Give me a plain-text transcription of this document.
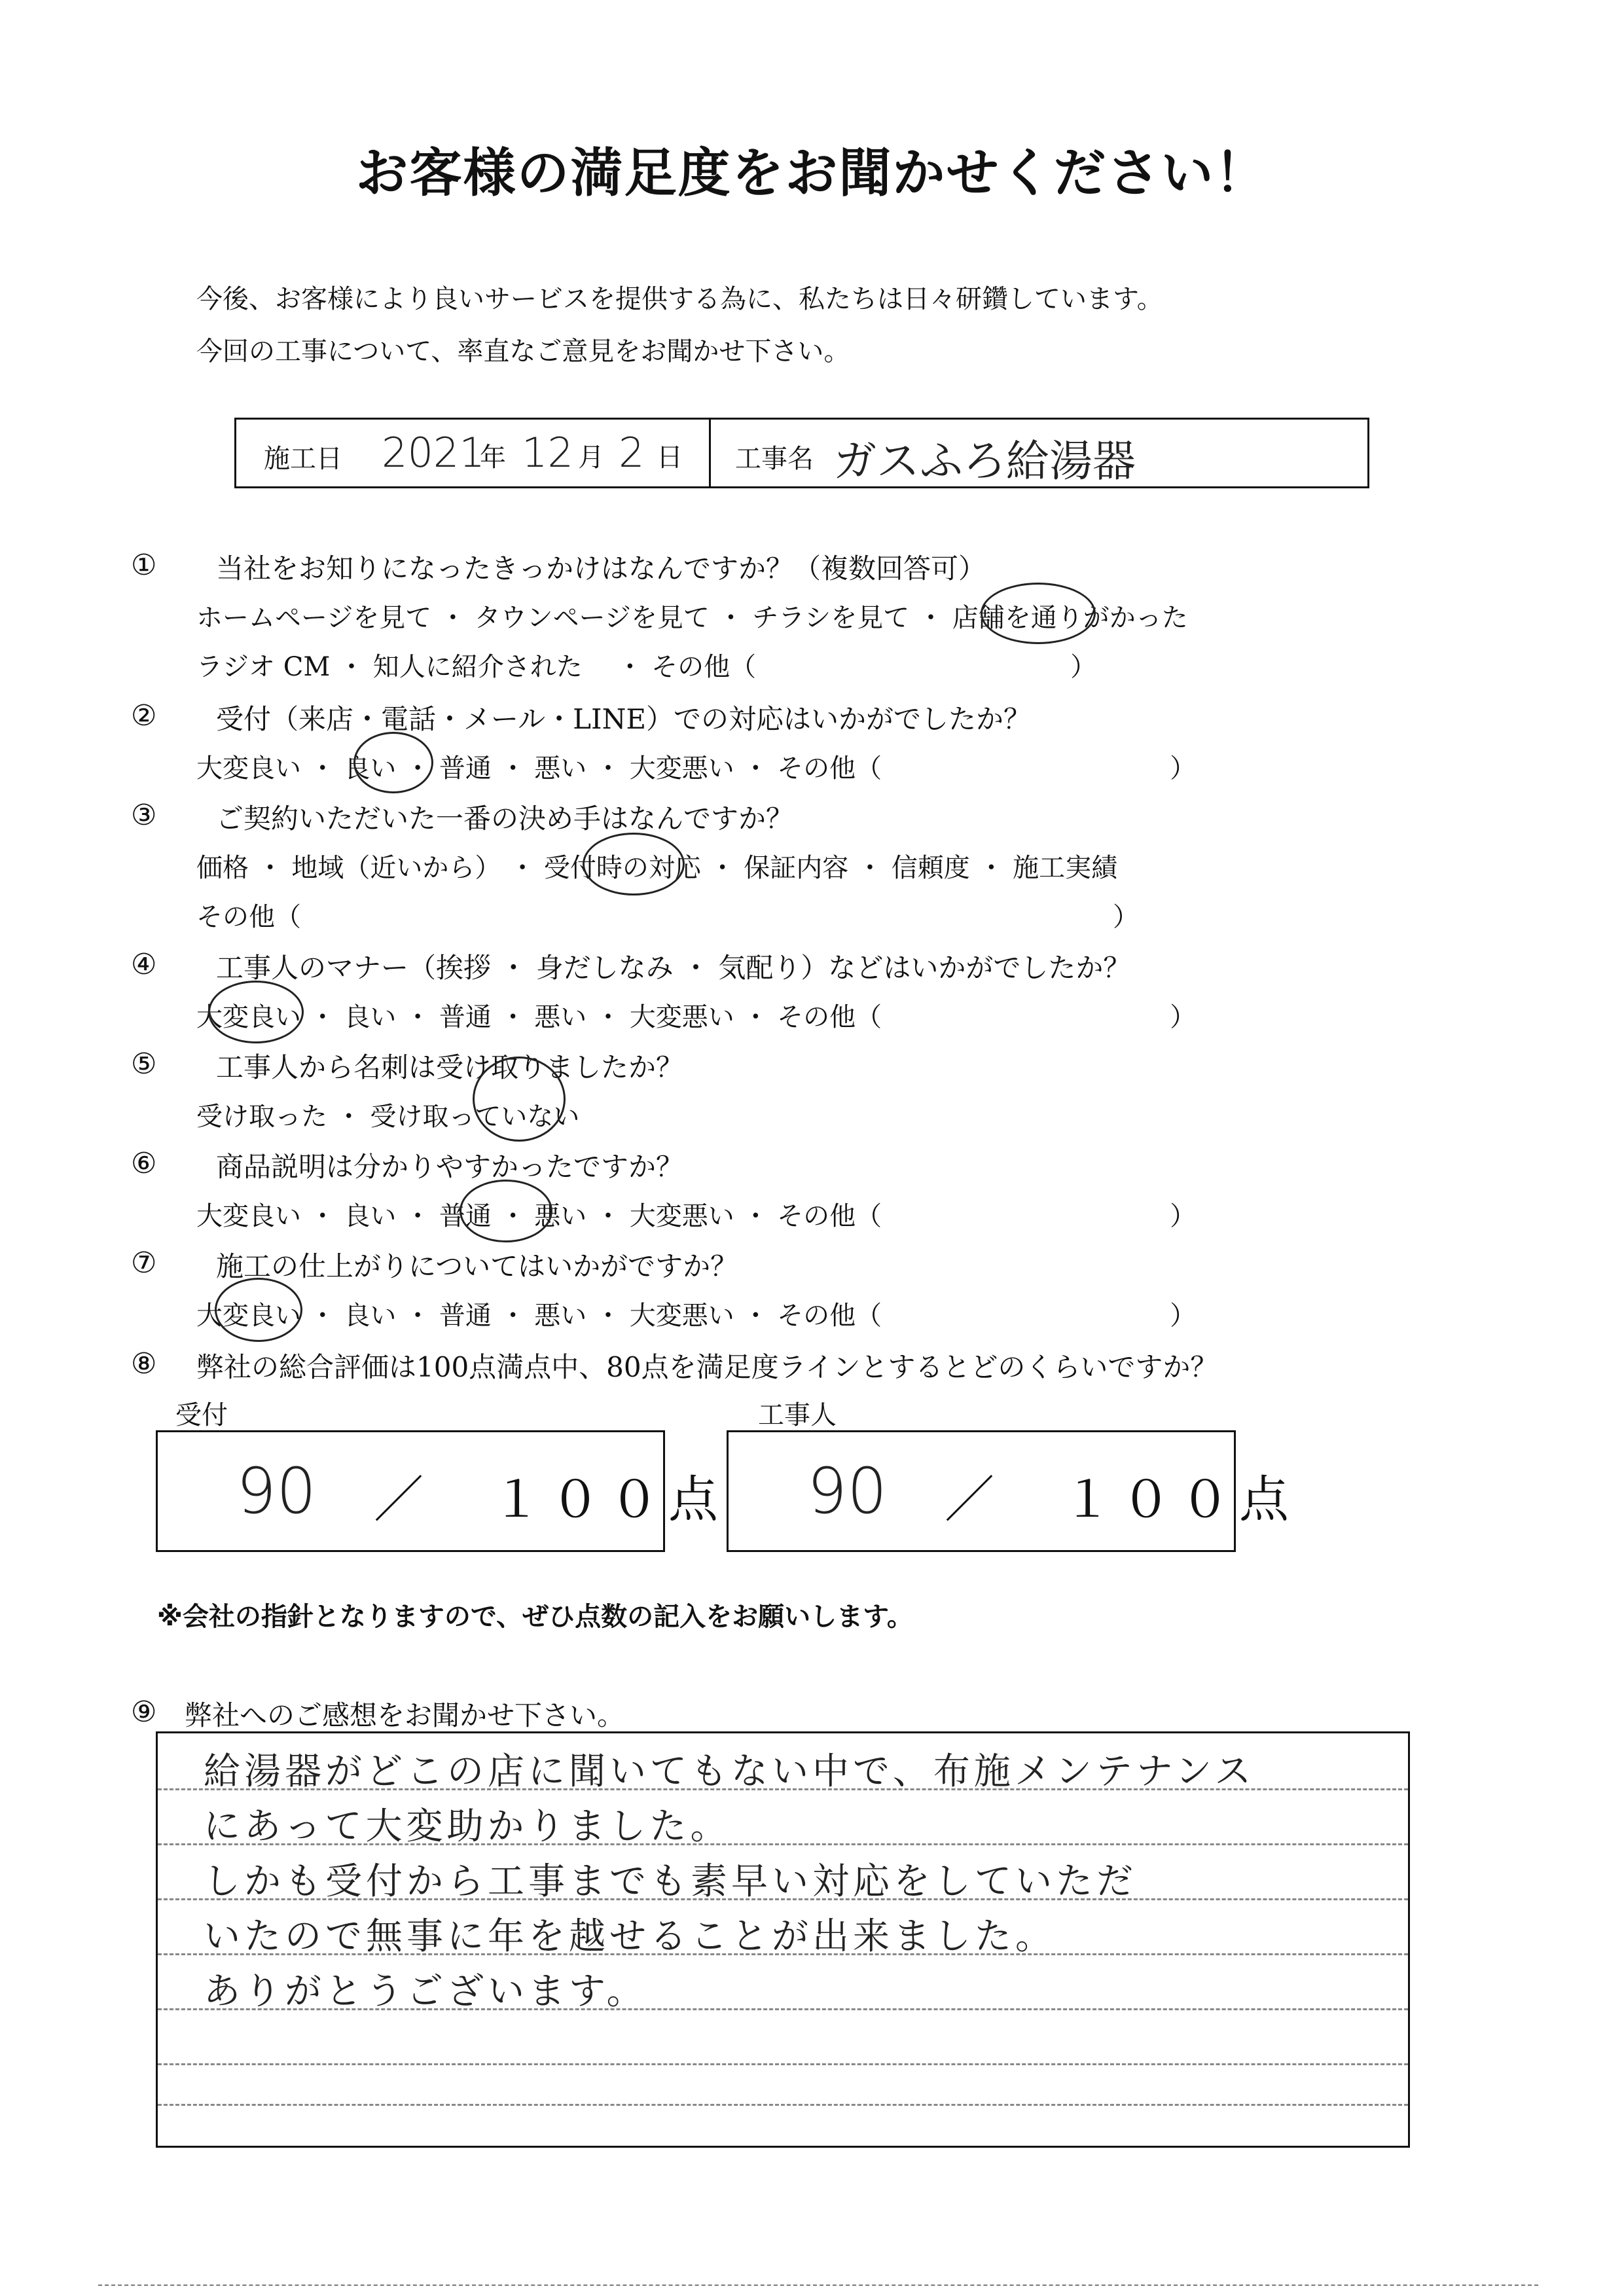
お客様の満足度をお聞かせください！
今後、お客様により良いサービスを提供する為に、私たちは日々研鑽しています。
今回の工事について、率直なご意見をお聞かせ下さい。
施工日 2021
年 12 月 2 日 工事名 ガスふろ給湯器
① 当社をお知りになったきっかけはなんですか？（複数回答可）
ホームページを見て ・ タウンページを見て ・ チラシを見て ・ 店舗を通りがかった
ラジオ CM ・ 知人に紹介された 　・ その他（　　　　　　　　　　　　）
② 受付（来店・電話・メール・LINE）での対応はいかがでしたか？
大変良い ・ 良い ・ 普通 ・ 悪い ・ 大変悪い ・ その他（　　　　　　　　　　　）
③ ご契約いただいた一番の決め手はなんですか？
価格 ・ 地域（近いから） ・ 受付時の対応 ・ 保証内容 ・ 信頼度 ・ 施工実績
その他（　　　　　　　　　　　　　　　　　　　　　　　　　　　　　　　）
④ 工事人のマナー（挨拶 ・ 身だしなみ ・ 気配り）などはいかがでしたか？
大変良い ・ 良い ・ 普通 ・ 悪い ・ 大変悪い ・ その他（　　　　　　　　　　　）
⑤ 工事人から名刺は受け取りましたか？
受け取った ・ 受け取っていない
⑥ 商品説明は分かりやすかったですか？
大変良い ・ 良い ・ 普通 ・ 悪い ・ 大変悪い ・ その他（　　　　　　　　　　　）
⑦ 施工の仕上がりについてはいかがですか？
大変良い ・ 良い ・ 普通 ・ 悪い ・ 大変悪い ・ その他（　　　　　　　　　　　）
⑧ 弊社の総合評価は100点満点中、80点を満足度ラインとするとどのくらいですか？
受付
90 ／　１００点
工事人
90 ／　１００点
※会社の指針となりますので、ぜひ点数の記入をお願いします。
⑨ 弊社へのご感想をお聞かせ下さい。
給湯器がどこの店に聞いてもない中で、布施メンテナンス
にあって大変助かりました。
しかも受付から工事までも素早い対応をしていただ
いたので無事に年を越せることが出来ました。
ありがとうございます。
